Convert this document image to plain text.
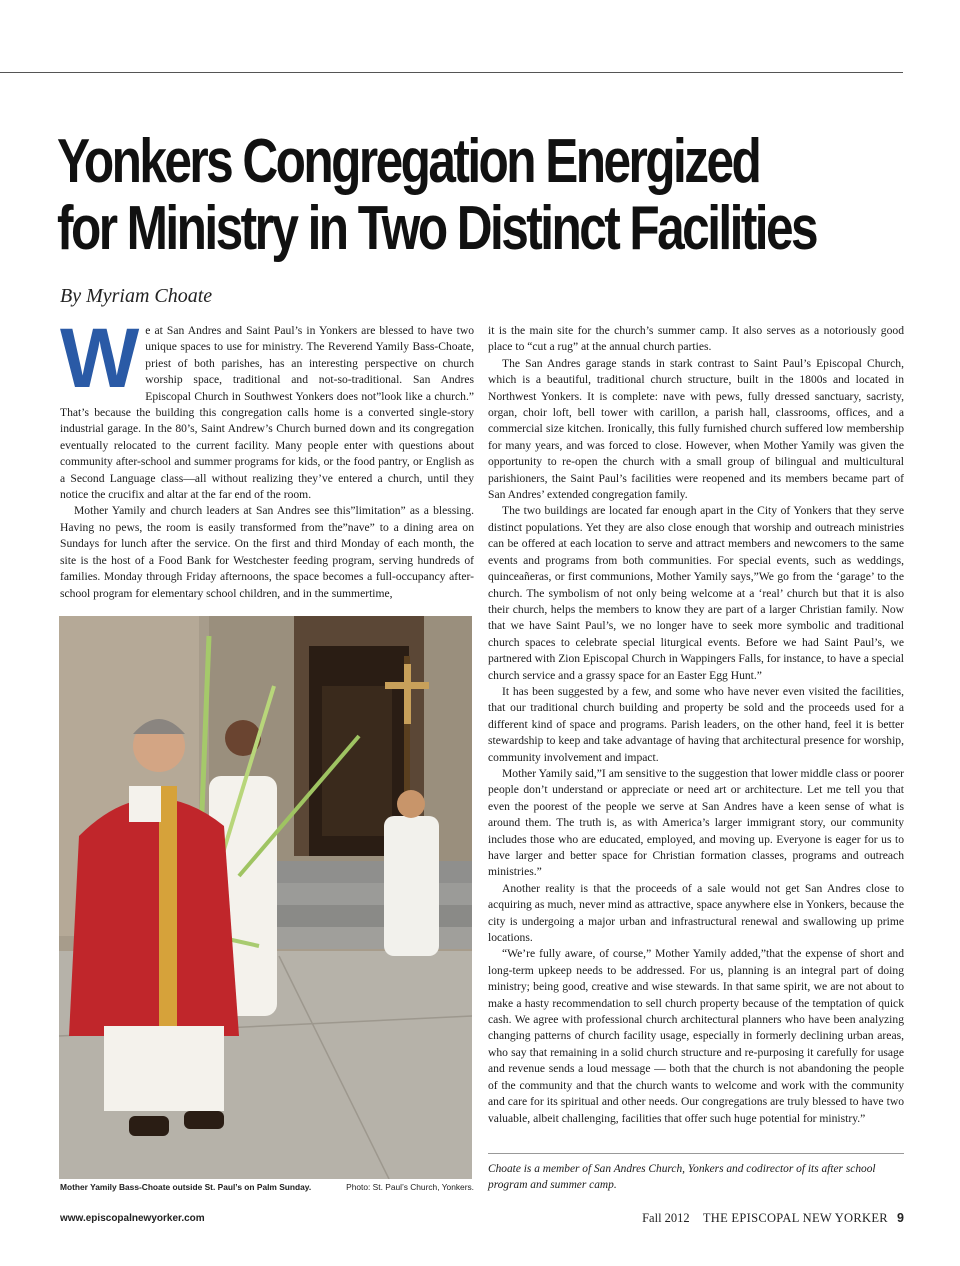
Yonkers Congregation Energized
for Ministry in Two Distinct Facilities
By Myriam Choate
W e at San Andres and Saint Paul’s in Yonkers are blessed to have two unique spaces to use for ministry. The Reverend Yamily Bass-Choate, priest of both parishes, has an interesting perspective on church worship space, traditional and not-so-traditional. San Andres Episcopal Church in Southwest Yonkers does not”look like a church.” That’s because the building this congregation calls home is a converted single-story industrial garage. In the 80’s, Saint Andrew’s Church burned down and its congregation eventually relocated to the current facility. Many people enter with questions about community after-school and summer programs for kids, or the food pantry, or English as a Second Language class—all without realizing they’ve entered a church, until they notice the crucifix and altar at the far end of the room.

Mother Yamily and church leaders at San Andres see this”limitation” as a blessing. Having no pews, the room is easily transformed from the”nave” to a dining area on Sundays for lunch after the service. On the first and third Monday of each month, the site is the host of a Food Bank for Westchester feeding program, serving hundreds of families. Monday through Friday afternoons, the space becomes a full-occupancy after-school program for elementary school children, and in the summertime,

Mother Yamily Bass-Choate outside St. Paul’s on Palm Sunday.	Photo: St. Paul’s Church, Yonkers.

it is the main site for the church’s summer camp. It also serves as a notoriously good place to “cut a rug” at the annual church parties.

The San Andres garage stands in stark contrast to Saint Paul’s Episcopal Church, which is a beautiful, traditional church structure, built in the 1800s and located in Northwest Yonkers. It is complete: nave with pews, fully dressed sanctuary, sacristy, organ, choir loft, bell tower with carillon, a parish hall, classrooms, offices, and a commercial size kitchen. Ironically, this fully furnished church suffered low membership for many years, and was forced to close. However, when Mother Yamily was given the opportunity to re-open the church with a small group of bilingual and multicultural parishioners, the Saint Paul’s facilities were reopened and its members became part of San Andres’ extended congregation family.

The two buildings are located far enough apart in the City of Yonkers that they serve distinct populations. Yet they are also close enough that worship and outreach ministries can be offered at each location to serve and attract members and newcomers to the same events and programs from both communities. For special events, such as weddings, quinceañeras, or first communions, Mother Yamily says,”We go from the ‘garage’ to the church. The symbolism of not only being welcome at a ‘real’ church but that it is also their church, helps the members to know they are part of a larger Christian family. Now that we have Saint Paul’s, we no longer have to seek more symbolic and traditional church spaces to celebrate special liturgical events. Before we had Saint Paul’s, we partnered with Zion Episcopal Church in Wappingers Falls, for instance, to have a special church service and a grassy space for an Easter Egg Hunt.”

It has been suggested by a few, and some who have never even visited the facilities, that our traditional church building and property be sold and the proceeds used for a different kind of space and programs. Parish leaders, on the other hand, feel it is better stewardship to keep and take advantage of having that architectural presence for worship, community involvement and impact.

Mother Yamily said,”I am sensitive to the suggestion that lower middle class or poorer people don’t understand or appreciate or need art or architecture. Let me tell you that even the poorest of the people we serve at San Andres have a keen sense of what is around them. The truth is, as with America’s larger immigrant story, our community includes those who are educated, employed, and moving up. Everyone is eager for us to have larger and better space for Christian formation classes, programs and outreach ministries.”

Another reality is that the proceeds of a sale would not get San Andres close to acquiring as much, never mind as attractive, space anywhere else in Yonkers, because the city is undergoing a major urban and infrastructural renewal and swallowing up prime locations.

“We’re fully aware, of course,” Mother Yamily added,”that the expense of short and long-term upkeep needs to be addressed. For us, planning is an integral part of doing ministry; being good, creative and wise stewards. In that same spirit, we are not about to make a hasty recommendation to sell church property because of the temptation of quick cash. We agree with professional church architectural planners who have been analyzing changing patterns of church facility usage, especially in formerly declining urban areas, who say that remaining in a solid church structure and re-purposing it carefully for usage and revenue sends a loud message — both that the church is not abandoning the people of the community and that the church wants to welcome and work with the community and care for its spiritual and other needs. Our congregations are truly blessed to have two valuable, albeit challenging, facilities that offer such huge potential for ministry.”

Choate is a member of San Andres Church, Yonkers and codirector of its after school program and summer camp.
www.episcopalnewyorker.com	Fall 2012 THE EPISCOPAL NEW YORKER 9
